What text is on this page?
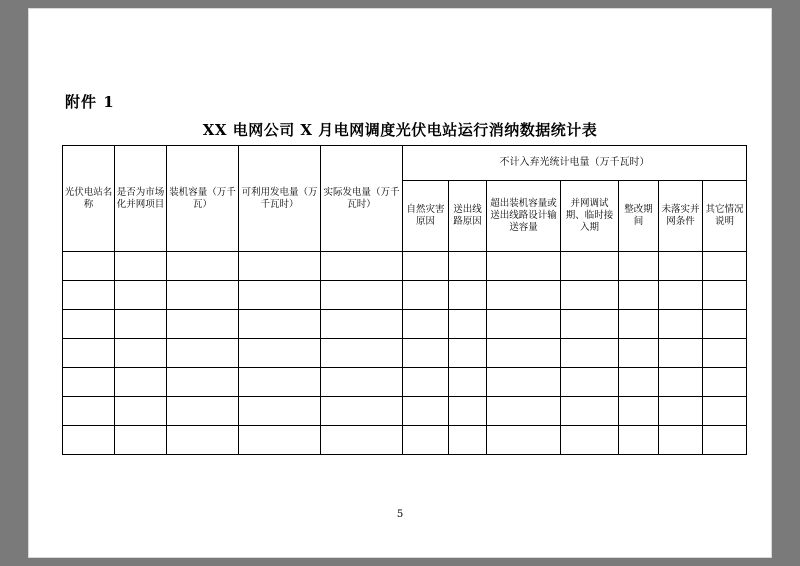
附件 1
XX 电网公司 X 月电网调度光伏电站运行消纳数据统计表
光伏电站名称	是否为市场化并网项目	装机容量（万千瓦）	可利用发电量（万千瓦时）	实际发电量（万千瓦时）	不计入弃光统计电量（万千瓦时）						
					自然灾害原因	送出线路原因	超出装机容量或送出线路设计输送容量	并网调试期、临时接入期	整改期间	未落实并网条件	其它情况说明

5
